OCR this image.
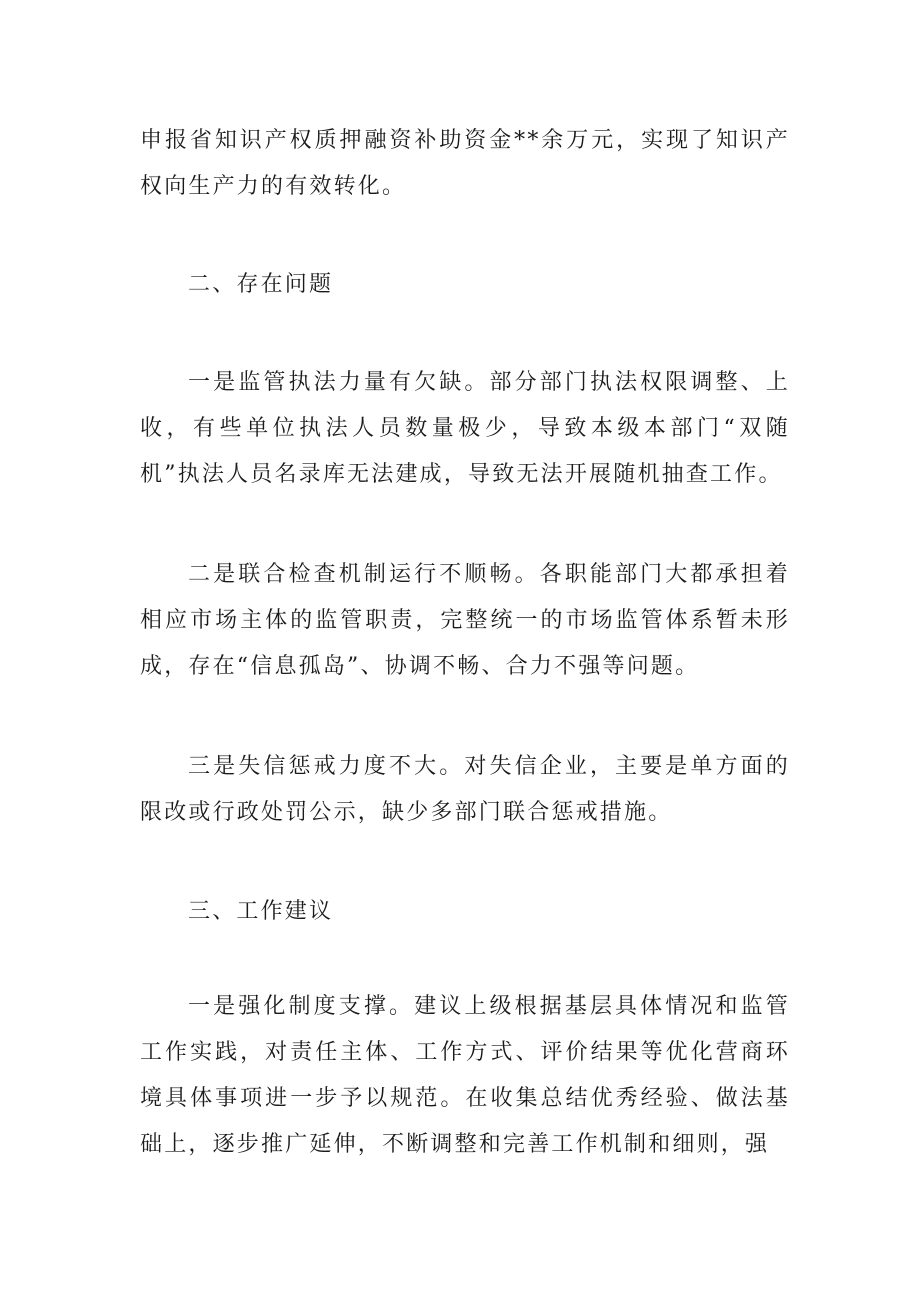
申报省知识产权质押融资补助资金**余万元，实现了知识产权向生产力的有效转化。

二、存在问题

一是监管执法力量有欠缺。部分部门执法权限调整、上收，有些单位执法人员数量极少，导致本级本部门“双随机”执法人员名录库无法建成，导致无法开展随机抽查工作。

二是联合检查机制运行不顺畅。各职能部门大都承担着相应市场主体的监管职责，完整统一的市场监管体系暂未形成，存在“信息孤岛”、协调不畅、合力不强等问题。

三是失信惩戒力度不大。对失信企业，主要是单方面的限改或行政处罚公示，缺少多部门联合惩戒措施。

三、工作建议

一是强化制度支撑。建议上级根据基层具体情况和监管工作实践，对责任主体、工作方式、评价结果等优化营商环境具体事项进一步予以规范。在收集总结优秀经验、做法基础上，逐步推广延伸，不断调整和完善工作机制和细则，强
